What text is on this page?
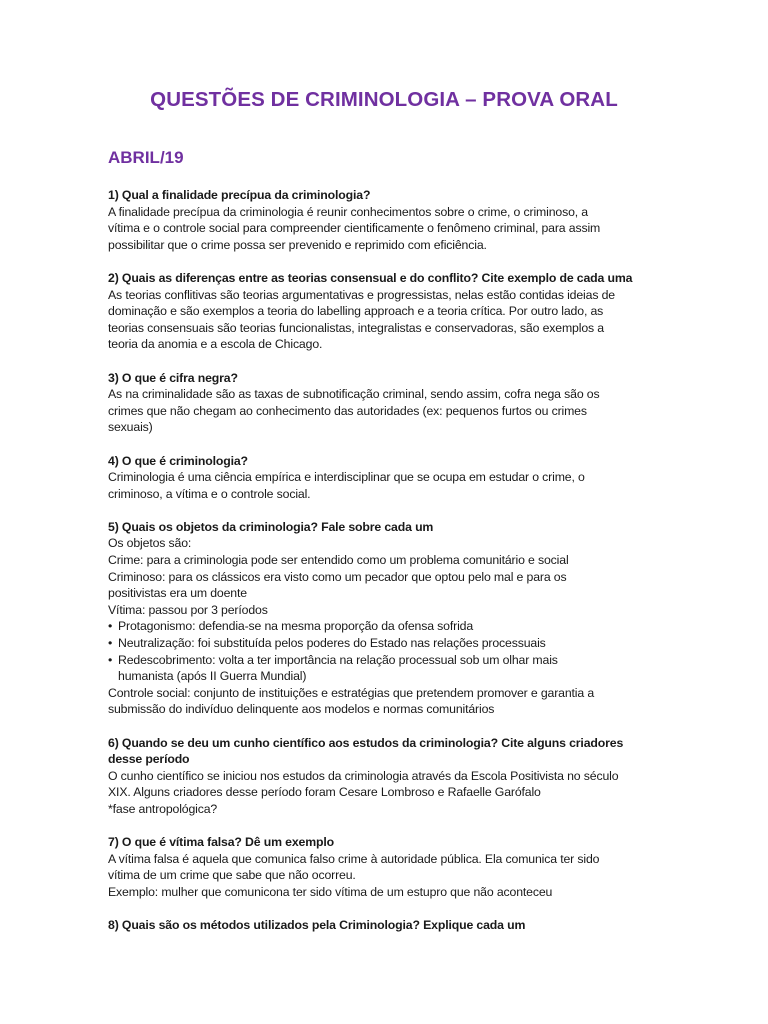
QUESTÕES DE CRIMINOLOGIA – PROVA ORAL
ABRIL/19
1) Qual a finalidade precípua da criminologia?
A finalidade precípua da criminologia é reunir conhecimentos sobre o crime, o criminoso, a
vítima e o controle social para compreender cientificamente o fenômeno criminal, para assim
possibilitar que o crime possa ser prevenido e reprimido com eficiência.
2) Quais as diferenças entre as teorias consensual e do conflito? Cite exemplo de cada uma
As teorias conflitivas são teorias argumentativas e progressistas, nelas estão contidas ideias de
dominação e são exemplos a teoria do labelling approach e a teoria crítica. Por outro lado, as
teorias consensuais são teorias funcionalistas, integralistas e conservadoras, são exemplos a
teoria da anomia e a escola de Chicago.
3) O que é cifra negra?
As na criminalidade são as taxas de subnotificação criminal, sendo assim, cofra nega são os
crimes que não chegam ao conhecimento das autoridades (ex: pequenos furtos ou crimes
sexuais)
4) O que é criminologia?
Criminologia é uma ciência empírica e interdisciplinar que se ocupa em estudar o crime, o
criminoso, a vítima e o controle social.
5) Quais os objetos da criminologia? Fale sobre cada um
Os objetos são:
Crime: para a criminologia pode ser entendido como um problema comunitário e social
Criminoso: para os clássicos era visto como um pecador que optou pelo mal e para os
positivistas era um doente
Vítima: passou por 3 períodos
• Protagonismo: defendia-se na mesma proporção da ofensa sofrida
• Neutralização: foi substituída pelos poderes do Estado nas relações processuais
• Redescobrimento: volta a ter importância na relação processual sob um olhar mais
humanista (após II Guerra Mundial)
Controle social: conjunto de instituições e estratégias que pretendem promover e garantia a
submissão do indivíduo delinquente aos modelos e normas comunitários
6) Quando se deu um cunho científico aos estudos da criminologia? Cite alguns criadores
desse período
O cunho científico se iniciou nos estudos da criminologia através da Escola Positivista no século
XIX. Alguns criadores desse período foram Cesare Lombroso e Rafaelle Garófalo
*fase antropológica?
7) O que é vítima falsa? Dê um exemplo
A vítima falsa é aquela que comunica falso crime à autoridade pública. Ela comunica ter sido
vítima de um crime que sabe que não ocorreu.
Exemplo: mulher que comunicona ter sido vítima de um estupro que não aconteceu
8) Quais são os métodos utilizados pela Criminologia? Explique cada um
